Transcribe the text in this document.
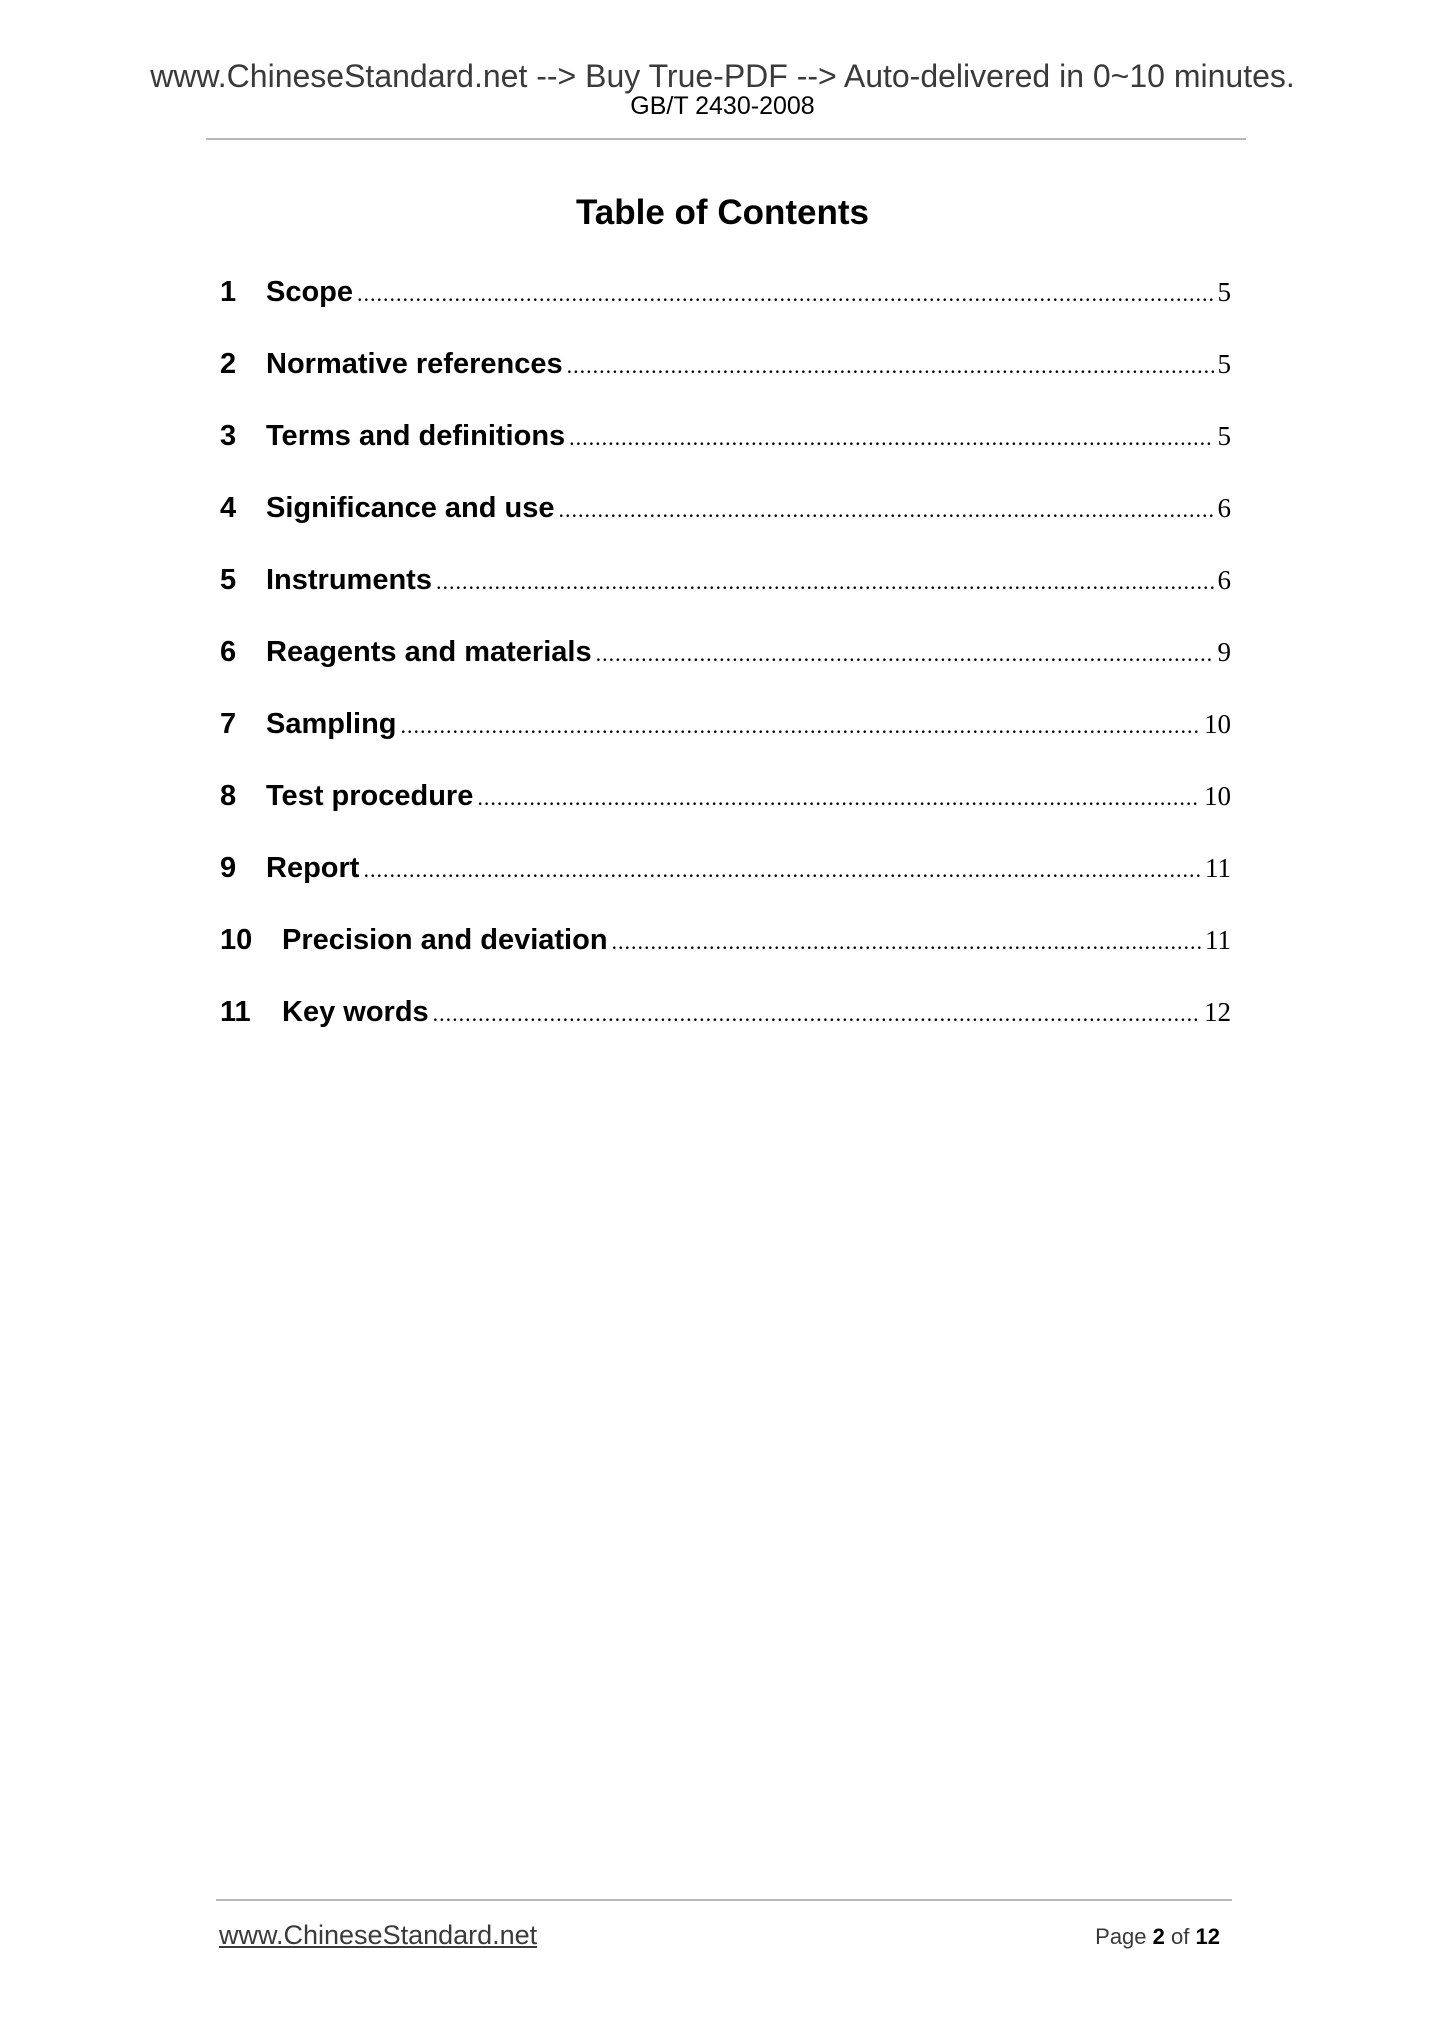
www.ChineseStandard.net --> Buy True-PDF --> Auto-delivered in 0~10 minutes.
GB/T 2430-2008
Table of Contents
1	Scope .....	5
2	Normative references .....	5
3	Terms and definitions .....	5
4	Significance and use .....	6
5	Instruments .....	6
6	Reagents and materials .....	9
7	Sampling .....	10
8	Test procedure .....	10
9	Report .....	11
10	Precision and deviation .....	11
11	Key words .....	12
www.ChineseStandard.net	Page 2 of 12
